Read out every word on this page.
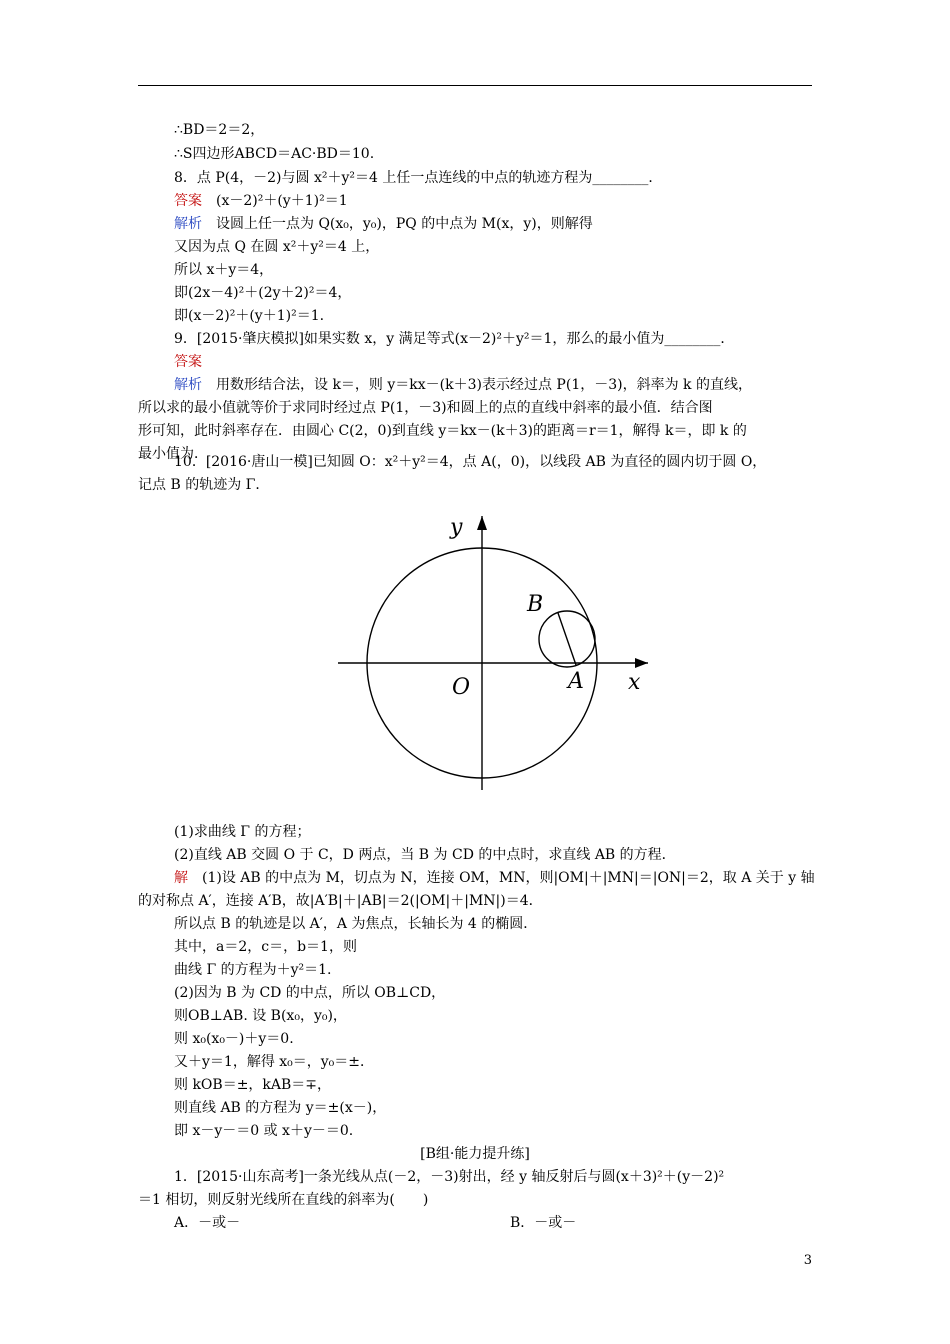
∴BD＝2＝2，
∴S四边形ABCD＝AC·BD＝10.
8．点 P(4，－2)与圆 x²＋y²＝4 上任一点连线的中点的轨迹方程为________．
答案　 (x－2)²＋(y＋1)²＝1
解析　 设圆上任一点为 Q(x₀，y₀)，PQ 的中点为 M(x，y)，则解得
又因为点 Q 在圆 x²＋y²＝4 上，
所以 x＋y＝4，
即(2x－4)²＋(2y＋2)²＝4，
即(x－2)²＋(y＋1)²＝1.
9．[2015·肇庆模拟]如果实数 x，y 满足等式(x－2)²＋y²＝1，那么的最小值为________．
答案
解析　 用数形结合法，设 k＝，则 y＝kx－(k＋3)表示经过点 P(1，－3)，斜率为 k 的直线，
所以求的最小值就等价于求同时经过点 P(1，－3)和圆上的点的直线中斜率的最小值．结合图
形可知，此时斜率存在．由圆心 C(2，0)到直线 y＝kx－(k＋3)的距离＝r＝1，解得 k＝，即 k 的
最小值为．
10．[2016·唐山一模]已知圆 O：x²＋y²＝4，点 A(，0)，以线段 AB 为直径的圆内切于圆 O，
记点 B 的轨迹为 Γ．
y
x
O	A
B
(1)求曲线 Γ 的方程；
(2)直线 AB 交圆 O 于 C，D 两点，当 B 为 CD 的中点时，求直线 AB 的方程．
解　 (1)设 AB 的中点为 M，切点为 N，连接 OM，MN，则|OM|＋|MN|＝|ON|＝2，取 A 关于 y 轴
的对称点 A′，连接 A′B，故|A′B|＋|AB|＝2(|OM|＋|MN|)＝4．
所以点 B 的轨迹是以 A′，A 为焦点，长轴长为 4 的椭圆．
其中，a＝2，c＝，b＝1，则
曲线 Γ 的方程为＋y²＝1.
(2)因为 B 为 CD 的中点，所以 OB⊥CD，
则OB⊥AB. 设 B(x₀，y₀)，
则 x₀(x₀－)＋y＝0.
又＋y＝1，解得 x₀＝，y₀＝±．
则 kOB＝±，kAB＝∓，
则直线 AB 的方程为 y＝±(x－)，
即 x－y－＝0 或 x＋y－＝0.
[B组·能力提升练]
1．[2015·山东高考]一条光线从点(－2，－3)射出，经 y 轴反射后与圆(x＋3)²＋(y－2)²
＝1 相切，则反射光线所在直线的斜率为(　　)
A．－或－	B．－或－
3
